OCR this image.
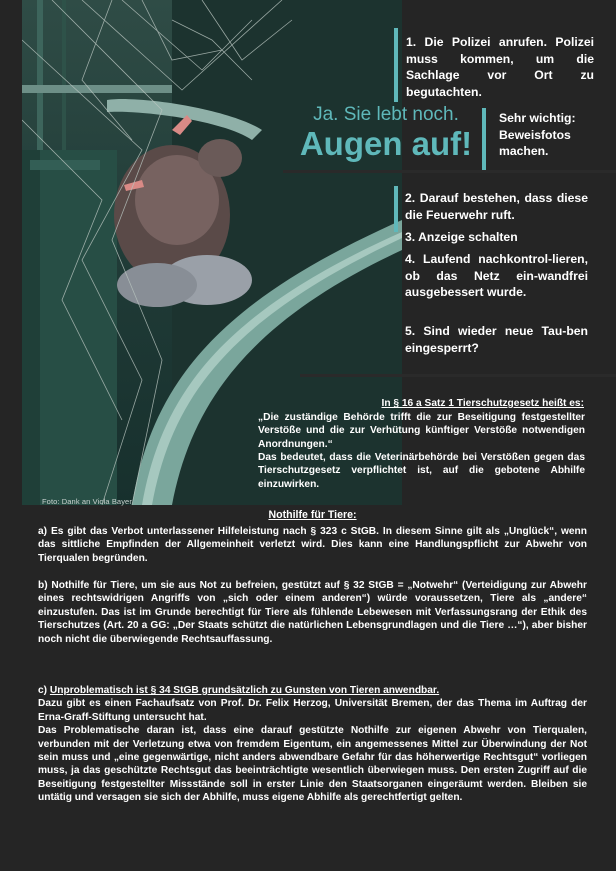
Foto: Dank an Viola Bayer
Ja. Sie lebt noch.
Augen auf!
1. Die Polizei anrufen. Polizei muss kommen, um die Sachlage vor Ort zu begutachten.
Sehr wichtig: Beweisfotos machen.
2. Darauf bestehen, dass diese die Feuerwehr ruft.
3. Anzeige schalten
4. Laufend nachkontrol-lieren, ob das Netz ein-wandfrei ausgebessert wurde.
5. Sind wieder neue Tau-ben eingesperrt?
In § 16 a Satz 1 Tierschutzgesetz heißt es:
„Die zuständige Behörde trifft die zur Beseitigung festgestellter Verstöße und die zur Verhütung künftiger Verstöße notwendigen Anordnungen.“
Das bedeutet, dass die Veterinärbehörde bei Verstößen gegen das Tierschutzgesetz verpflichtet ist, auf die gebotene Abhilfe einzuwirken.
Nothilfe für Tiere:
a) Es gibt das Verbot unterlassener Hilfeleistung nach § 323 c StGB. In diesem Sinne gilt als „Unglück“, wenn das sittliche Empfinden der Allgemeinheit verletzt wird. Dies kann eine Handlungspflicht zur Abwehr von Tierqualen begründen.
b) Nothilfe für Tiere, um sie aus Not zu befreien, gestützt auf § 32 StGB = „Notwehr“ (Verteidigung zur Abwehr eines rechtswidrigen Angriffs von „sich oder einem anderen“) würde voraussetzen, Tiere als „andere“ einzustufen. Das ist im Grunde berechtigt für Tiere als fühlende Lebewesen mit Verfassungsrang der Ethik des Tierschutzes (Art. 20 a GG: „Der Staats schützt die natürlichen Lebensgrundlagen und die Tiere …“), aber bisher noch nicht die überwiegende Rechtsauffassung.
c) Unproblematisch ist § 34 StGB grundsätzlich zu Gunsten von Tieren anwendbar.
Dazu gibt es einen Fachaufsatz von Prof. Dr. Felix Herzog, Universität Bremen, der das Thema im Auftrag der Erna-Graff-Stiftung untersucht hat.
Das Problematische daran ist, dass eine darauf gestützte Nothilfe zur eigenen Abwehr von Tierqualen, verbunden mit der Verletzung etwa von fremdem Eigentum, ein angemessenes Mittel zur Überwindung der Not sein muss und „eine gegenwärtige, nicht anders abwendbare Gefahr für das höherwertige Rechtsgut“ vorliegen muss, ja das geschützte Rechtsgut das beeinträchtigte wesentlich überwiegen muss. Den ersten Zugriff auf die Beseitigung festgestellter Missstände soll in erster Linie den Staatsorganen eingeräumt werden. Bleiben sie untätig und versagen sie sich der Abhilfe, muss eigene Abhilfe als gerechtfertigt gelten.
